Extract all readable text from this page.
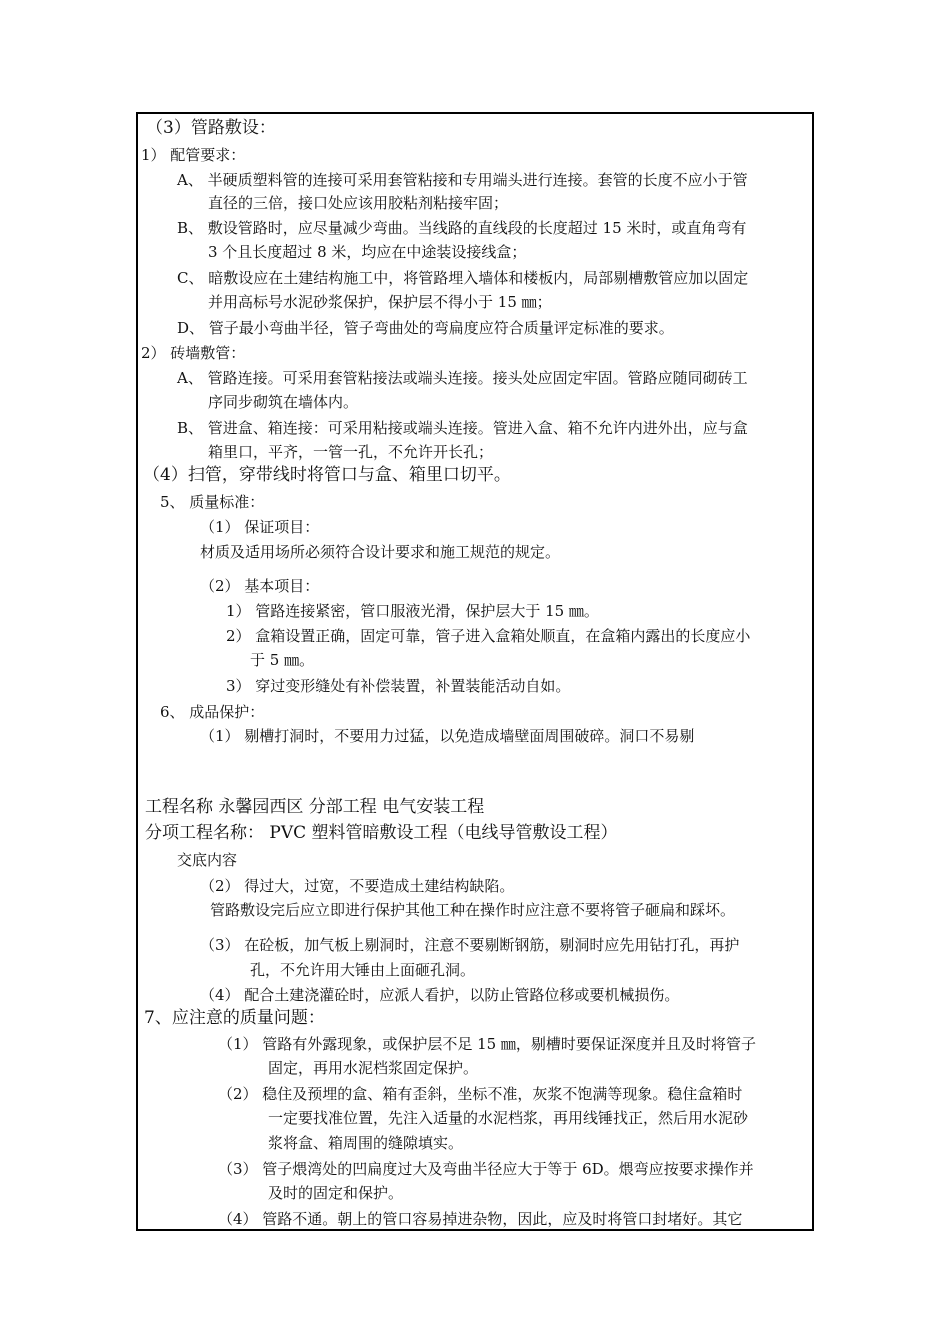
（3）管路敷设：
1） 配管要求：
A、 半硬质塑料管的连接可采用套管粘接和专用端头进行连接。套管的长度不应小于管
直径的三倍，接口处应该用胶粘剂粘接牢固；
B、 敷设管路时，应尽量减少弯曲。当线路的直线段的长度超过 15 米时，或直角弯有
3 个且长度超过 8 米，均应在中途装设接线盒；
C、 暗敷设应在土建结构施工中，将管路埋入墙体和楼板内，局部剔槽敷管应加以固定
并用高标号水泥砂浆保护，保护层不得小于 15 ㎜；
D、 管子最小弯曲半径，管子弯曲处的弯扁度应符合质量评定标准的要求。
2） 砖墙敷管：
A、 管路连接。可采用套管粘接法或端头连接。接头处应固定牢固。管路应随同砌砖工
序同步砌筑在墙体内。
B、 管进盒、箱连接：可采用粘接或端头连接。管进入盒、箱不允许内进外出，应与盒
箱里口，平齐，一管一孔，不允许开长孔；
（4）扫管，穿带线时将管口与盒、箱里口切平。
5、 质量标准：
（1） 保证项目：
材质及适用场所必须符合设计要求和施工规范的规定。
（2） 基本项目：
1） 管路连接紧密，管口服液光滑，保护层大于 15 ㎜。
2） 盒箱设置正确，固定可靠，管子进入盒箱处顺直，在盒箱内露出的长度应小
于 5 ㎜。
3） 穿过变形缝处有补偿装置，补置装能活动自如。
6、 成品保护：
（1） 剔槽打洞时，不要用力过猛，以免造成墙壁面周围破碎。洞口不易剔
工程名称 永馨园西区 分部工程 电气安装工程
分项工程名称： PVC 塑料管暗敷设工程（电线导管敷设工程）
交底内容
（2） 得过大，过宽，不要造成土建结构缺陷。
管路敷设完后应立即进行保护其他工种在操作时应注意不要将管子砸扁和踩坏。
（3） 在砼板，加气板上剔洞时，注意不要剔断钢筋，剔洞时应先用钻打孔，再护
孔，不允许用大锤由上面砸孔洞。
（4） 配合土建浇灌砼时，应派人看护，以防止管路位移或要机械损伤。
7、应注意的质量问题：
（1） 管路有外露现象，或保护层不足 15 ㎜，剔槽时要保证深度并且及时将管子
固定，再用水泥档浆固定保护。
（2） 稳住及预埋的盒、箱有歪斜，坐标不准，灰浆不饱满等现象。稳住盒箱时
一定要找准位置，先注入适量的水泥档浆，再用线锤找正，然后用水泥砂
浆将盒、箱周围的缝隙填实。
（3） 管子煨湾处的凹扁度过大及弯曲半径应大于等于 6D。煨弯应按要求操作并
及时的固定和保护。
（4） 管路不通。朝上的管口容易掉进杂物，因此，应及时将管口封堵好。其它
